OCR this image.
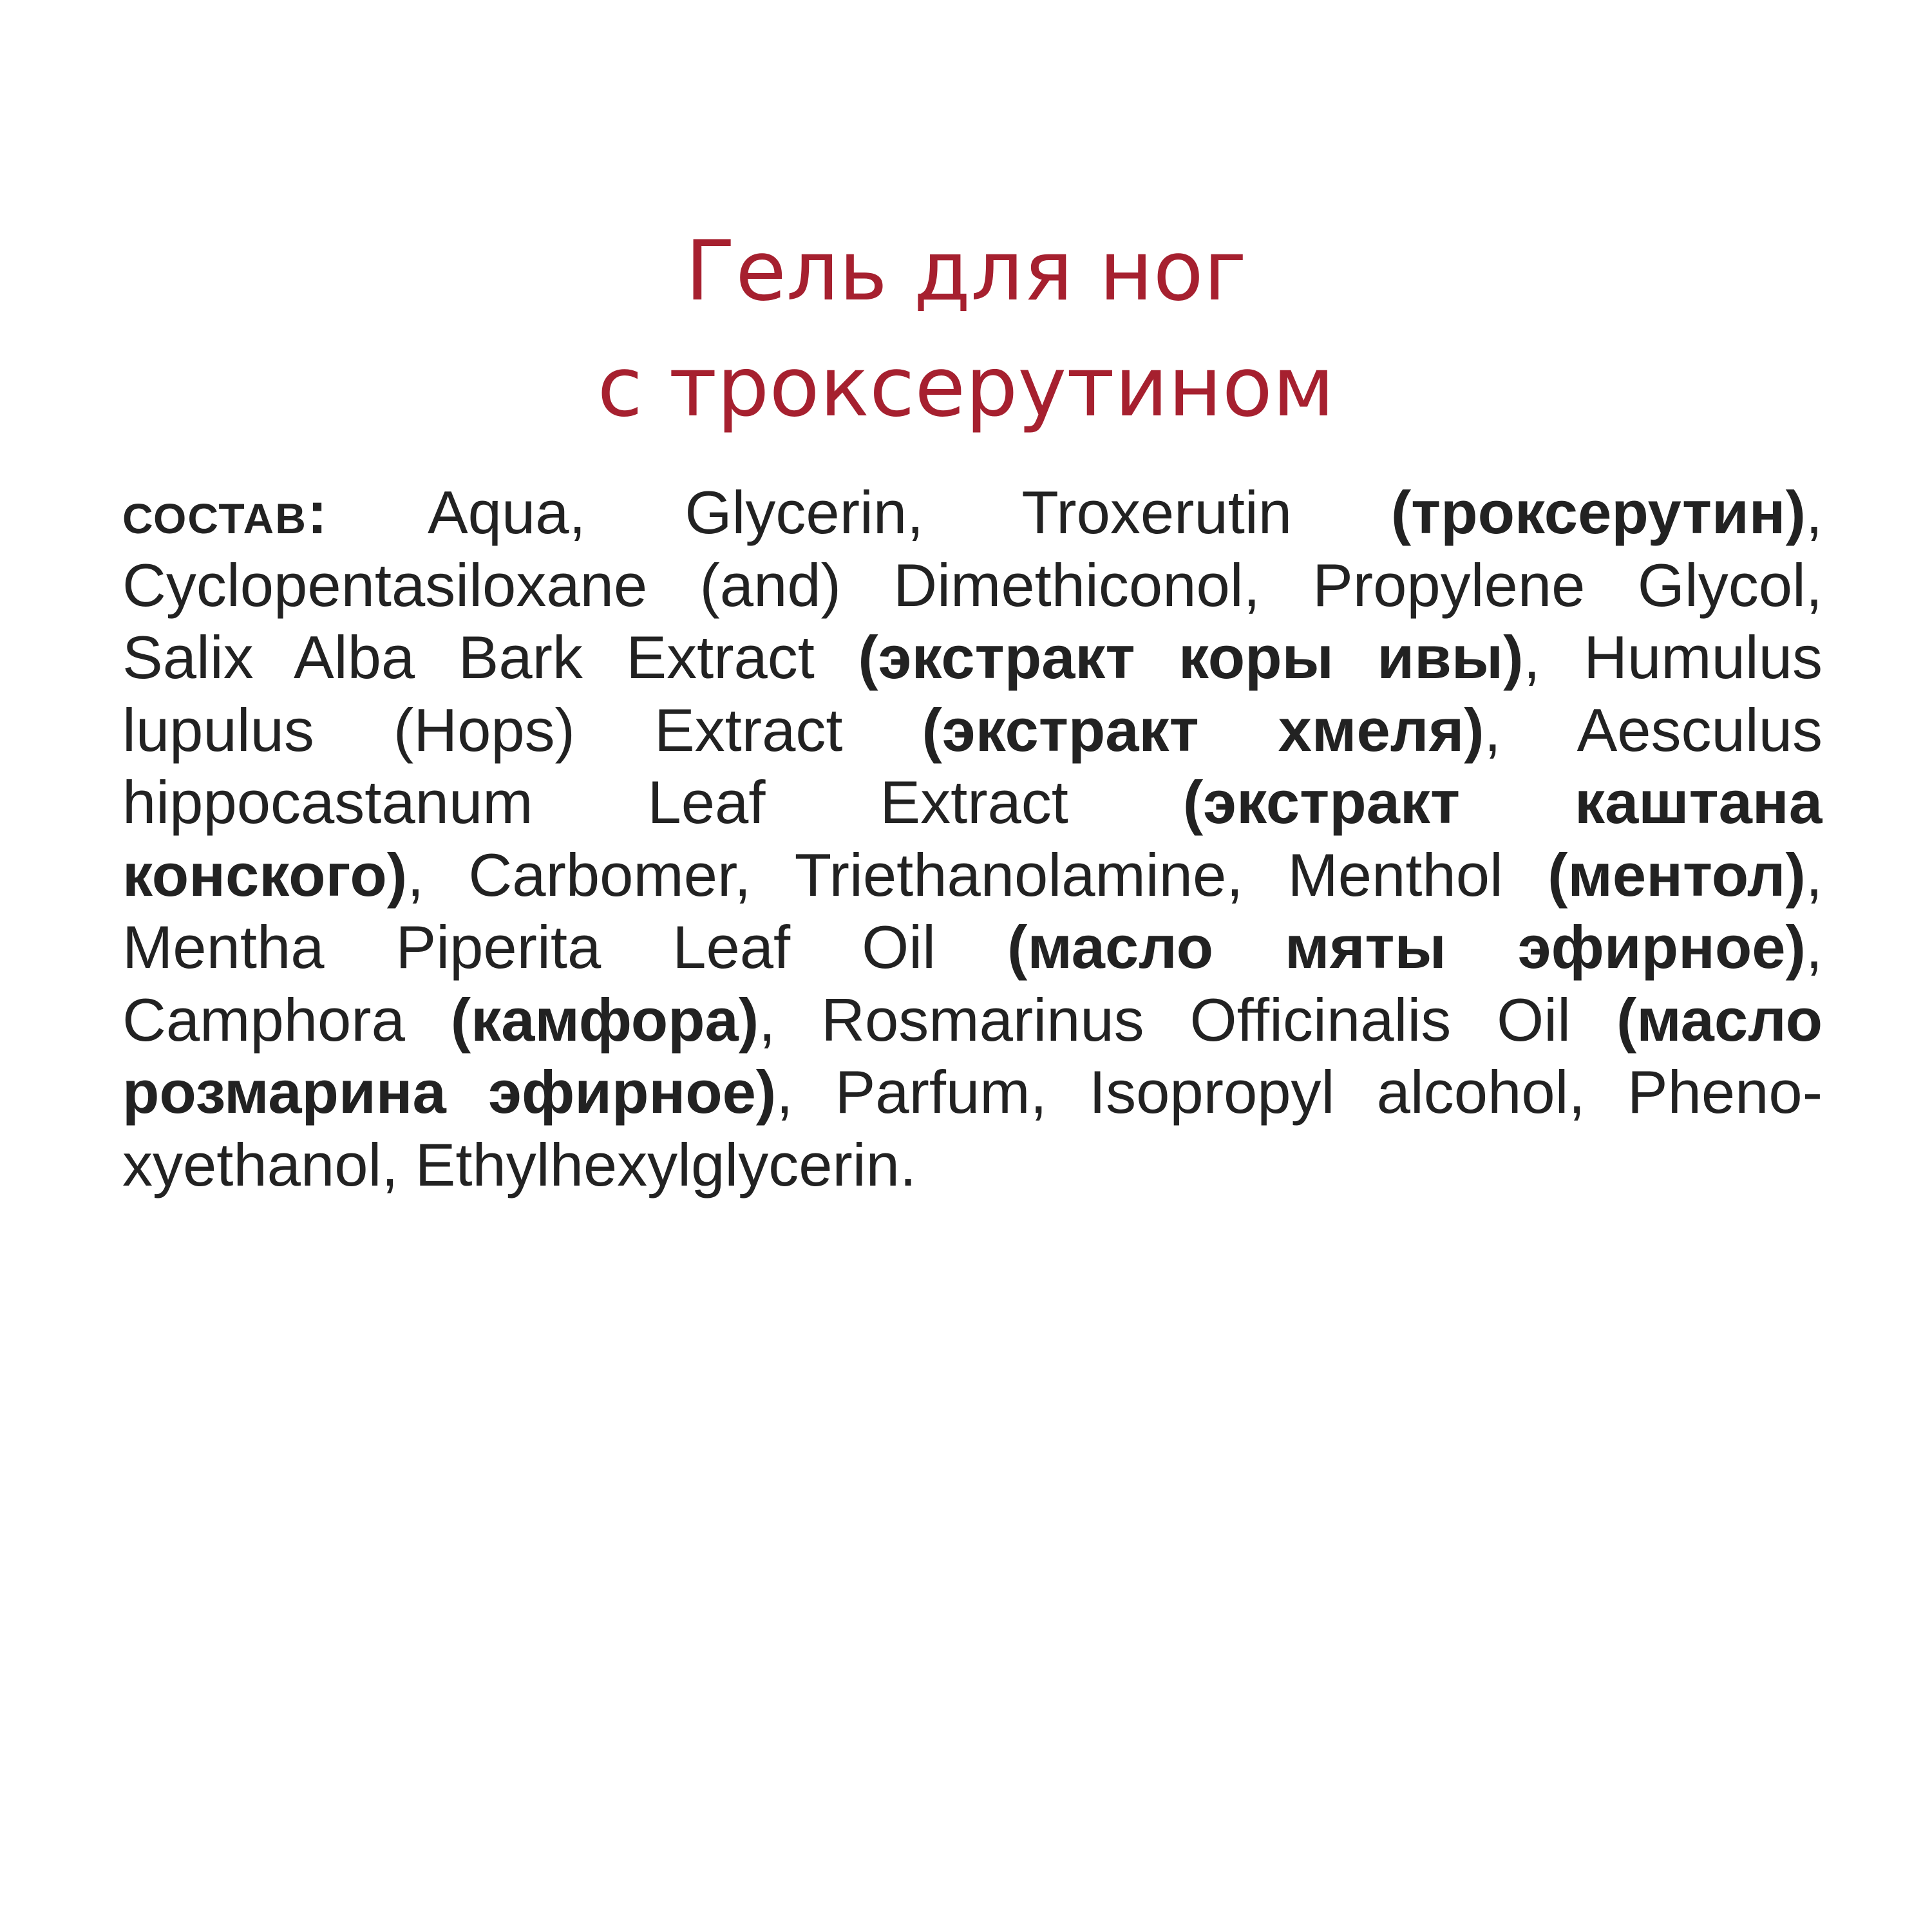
Гель для ног
с троксерутином
состав: Aqua, Glycerin, Troxerutin (троксерутин),
Cyclopentasiloxane (and) Dimethiconol, Propylene Glycol,
Salix Alba Bark Extract (экстракт коры ивы), Humulus
lupulus (Hops) Extract (экстракт хмеля), Aesculus
hippocastanum Leaf Extract (экстракт каштана
конского), Carbomer, Triethanolamine, Menthol (ментол),
Mentha Piperita Leaf Oil (масло мяты эфирное),
Camphora (камфора), Rosmarinus Officinalis Oil (масло
розмарина эфирное), Parfum, Isopropyl alcohol, Pheno-
xyethanol, Ethylhexylglycerin.
